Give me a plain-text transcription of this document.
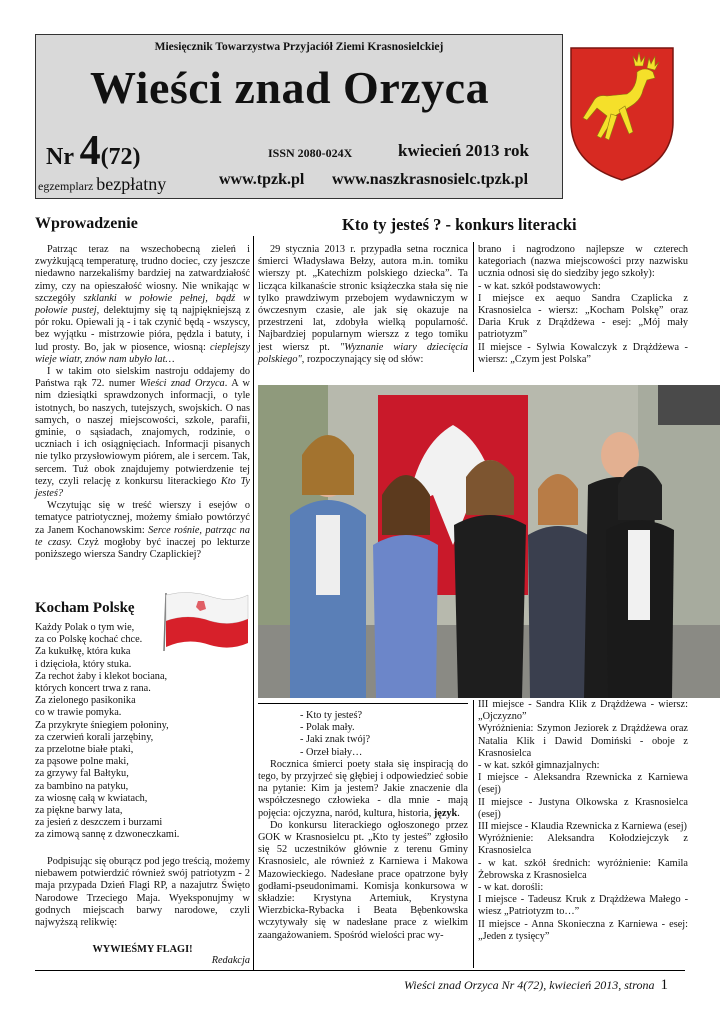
Miesięcznik Towarzystwa Przyjaciół Ziemi Krasnosielckiej
Wieści znad Orzyca
Nr 4(72)	ISSN 2080-024X	kwiecień 2013 rok
egzemplarz bezpłatny	www.tpzk.pl www.naszkrasnosielc.tpzk.pl
Wprowadzenie

Patrząc teraz na wszechobecną zieleń i zwyżkującą temperaturę, trudno dociec, czy jeszcze niedawno narzekaliśmy bardziej na zatwardziałość zimy, czy na opieszałość wiosny. Nie wnikając w szczegóły szklanki w połowie pełnej, bądź w połowie pustej, delektujmy się tą najpiękniejszą z pór roku. Opiewali ją - i tak czynić będą - wszyscy, bez wyjątku - mistrzowie pióra, pędzla i batuty, i lud prosty. Bo, jak w piosence, wiosną: cieplejszy wieje wiatr, znów nam ubyło lat…

I w takim oto sielskim nastroju oddajemy do Państwa rąk 72. numer Wieści znad Orzyca. A w nim dziesiątki sprawdzonych informacji, o tyle istotnych, bo naszych, tutejszych, swojskich. O nas samych, o naszej miejscowości, szkole, parafii, gminie, o sąsiadach, znajomych, rodzinie, o uczniach i ich osiągnięciach. Informacji pisanych nie tylko przysłowiowym piórem, ale i sercem. Tak, sercem. Tuż obok znajdujemy potwierdzenie tej tezy, czyli relację z konkursu literackiego Kto Ty jesteś?

Wczytując się w treść wierszy i esejów o tematyce patriotycznej, możemy śmiało powtórzyć za Janem Kochanowskim: Serce rośnie, patrząc na te czasy. Czyż mogłoby być inaczej po lekturze poniższego wiersza Sandry Czaplickiej?

Kocham Polskę
Każdy Polak o tym wie,
za co Polskę kochać chce.
Za kukułkę, która kuka
i dzięcioła, który stuka.
Za rechot żaby i klekot bociana,
których koncert trwa z rana.
Za zielonego pasikonika
co w trawie pomyka.
Za przykryte śniegiem połoniny,
za czerwień korali jarzębiny,
za przelotne białe ptaki,
za pąsowe polne maki,
za grzywy fal Bałtyku,
za bambino na patyku,
za wiosnę całą w kwiatach,
za piękne barwy lata,
za jesień z deszczem i burzami
za zimową sannę z dzwoneczkami.

Podpisując się oburącz pod jego treścią, możemy niebawem potwierdzić również swój patriotyzm - 2 maja przypada Dzień Flagi RP, a nazajutrz Święto Narodowe Trzeciego Maja. Wyeksponujmy w godnych miejscach barwy narodowe, czyli najwyższą relikwię:

WYWIEŚMY FLAGI!
Redakcja
Kto ty jesteś ? - konkurs literacki

29 stycznia 2013 r. przypadła setna rocznica śmierci Władysława Bełzy, autora m.in. tomiku wierszy pt. „Katechizm polskiego dziecka”. Ta licząca kilkanaście stronic książeczka stała się nie tylko prawdziwym przebojem wydawniczym w ówczesnym czasie, ale jak się okazuje na przestrzeni lat, zdobyła wielką popularność. Najbardziej popularnym wierszz z tego tomiku jest wiersz pt. "Wyznanie wiary dziecięcia polskiego", rozpoczynający się od słów:

brano i nagrodzono najlepsze w czterech kategoriach (nazwa miejscowości przy nazwisku ucznia odnosi się do siedziby jego szkoły):

- w kat. szkół podstawowych:

I miejsce ex aequo Sandra Czaplicka z Krasnosielca - wiersz: „Kocham Polskę” oraz Daria Kruk z Drążdżewa - esej: „Mój mały patriotyzm”

II miejsce - Sylwia Kowalczyk z Drążdżewa - wiersz: „Czym jest Polska”

- Kto ty jesteś?

- Polak mały.

- Jaki znak twój?

- Orzeł biały…

Rocznica śmierci poety stała się inspiracją do tego, by przyjrzeć się głębiej i odpowiedzieć sobie na pytanie: Kim ja jestem? Jakie znaczenie dla współczesnego człowieka - dla mnie - mają pojęcia: ojczyzna, naród, kultura, historia, język.

Do konkursu literackiego ogłoszonego przez GOK w Krasnosielcu pt. „Kto ty jesteś” zgłosiło się 52 uczestników głównie z terenu Gminy Krasnosielc, ale również z Karniewa i Makowa Mazowieckiego. Nadesłane prace opatrzone były godłami-pseudonimami. Komisja konkursowa w składzie: Krystyna Artemiuk, Krystyna Wierzbicka-Rybacka i Beata Bębenkowska wczytywały się w nadesłane prace z wielkim zaangażowaniem. Spośród wielości prac wy-

III miejsce - Sandra Klik z Drążdżewa - wiersz: „Ojczyzno”

Wyróżnienia: Szymon Jeziorek z Drążdżewa oraz Natalia Klik i Dawid Domiński - oboje z Krasnosielca

- w kat. szkół gimnazjalnych:

I miejsce - Aleksandra Rzewnicka z Karniewa (esej)

II miejsce - Justyna Olkowska z Krasnosielca (esej)

III miejsce - Klaudia Rzewnicka z Karniewa (esej)

Wyróżnienie: Aleksandra Kołodziejczyk z Krasnosielca

- w kat. szkół średnich: wyróżnienie: Kamila Żebrowska z Krasnosielca

- w kat. dorośli:

I miejsce - Tadeusz Kruk z Drążdżewa Małego - wiesz „Patriotyzm to…”

II miejsce - Anna Skonieczna z Karniewa - esej: „Jeden z tysięcy”

Wieści znad Orzyca Nr 4(72), kwiecień 2013, strona 1
